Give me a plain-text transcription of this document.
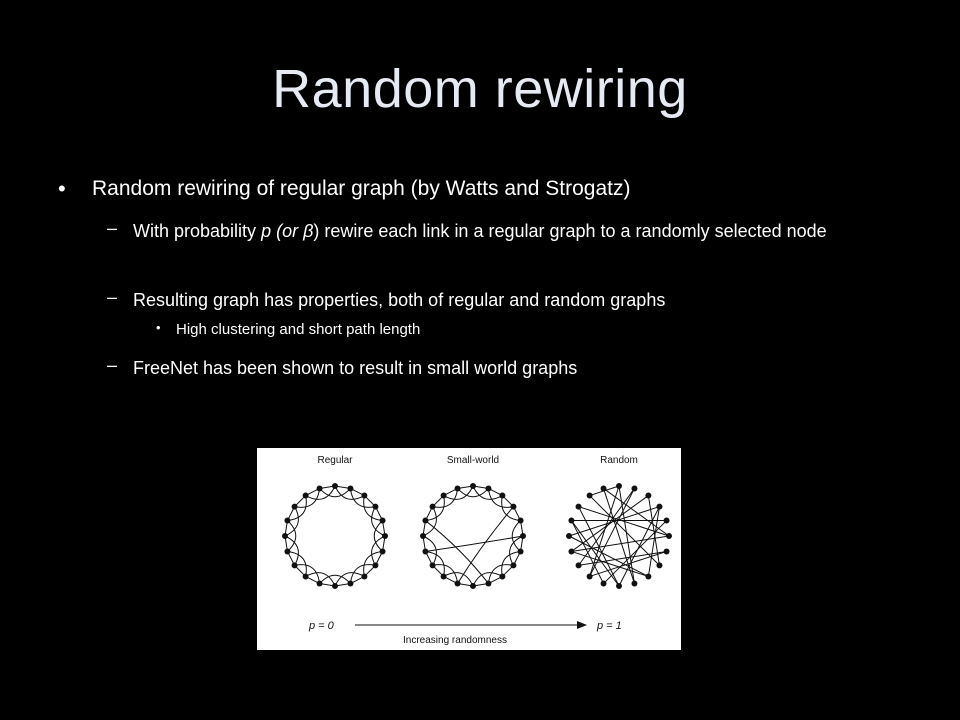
Random rewiring
• Random rewiring of regular graph (by Watts and Strogatz)
– With probability p (or β) rewire each link in a regular graph to a randomly selected node
– Resulting graph has properties, both of regular and random graphs
• High clustering and short path length
– FreeNet has been shown to result in small world graphs
Regular	Small-world	Random
p = 0	p = 1
Increasing randomness
